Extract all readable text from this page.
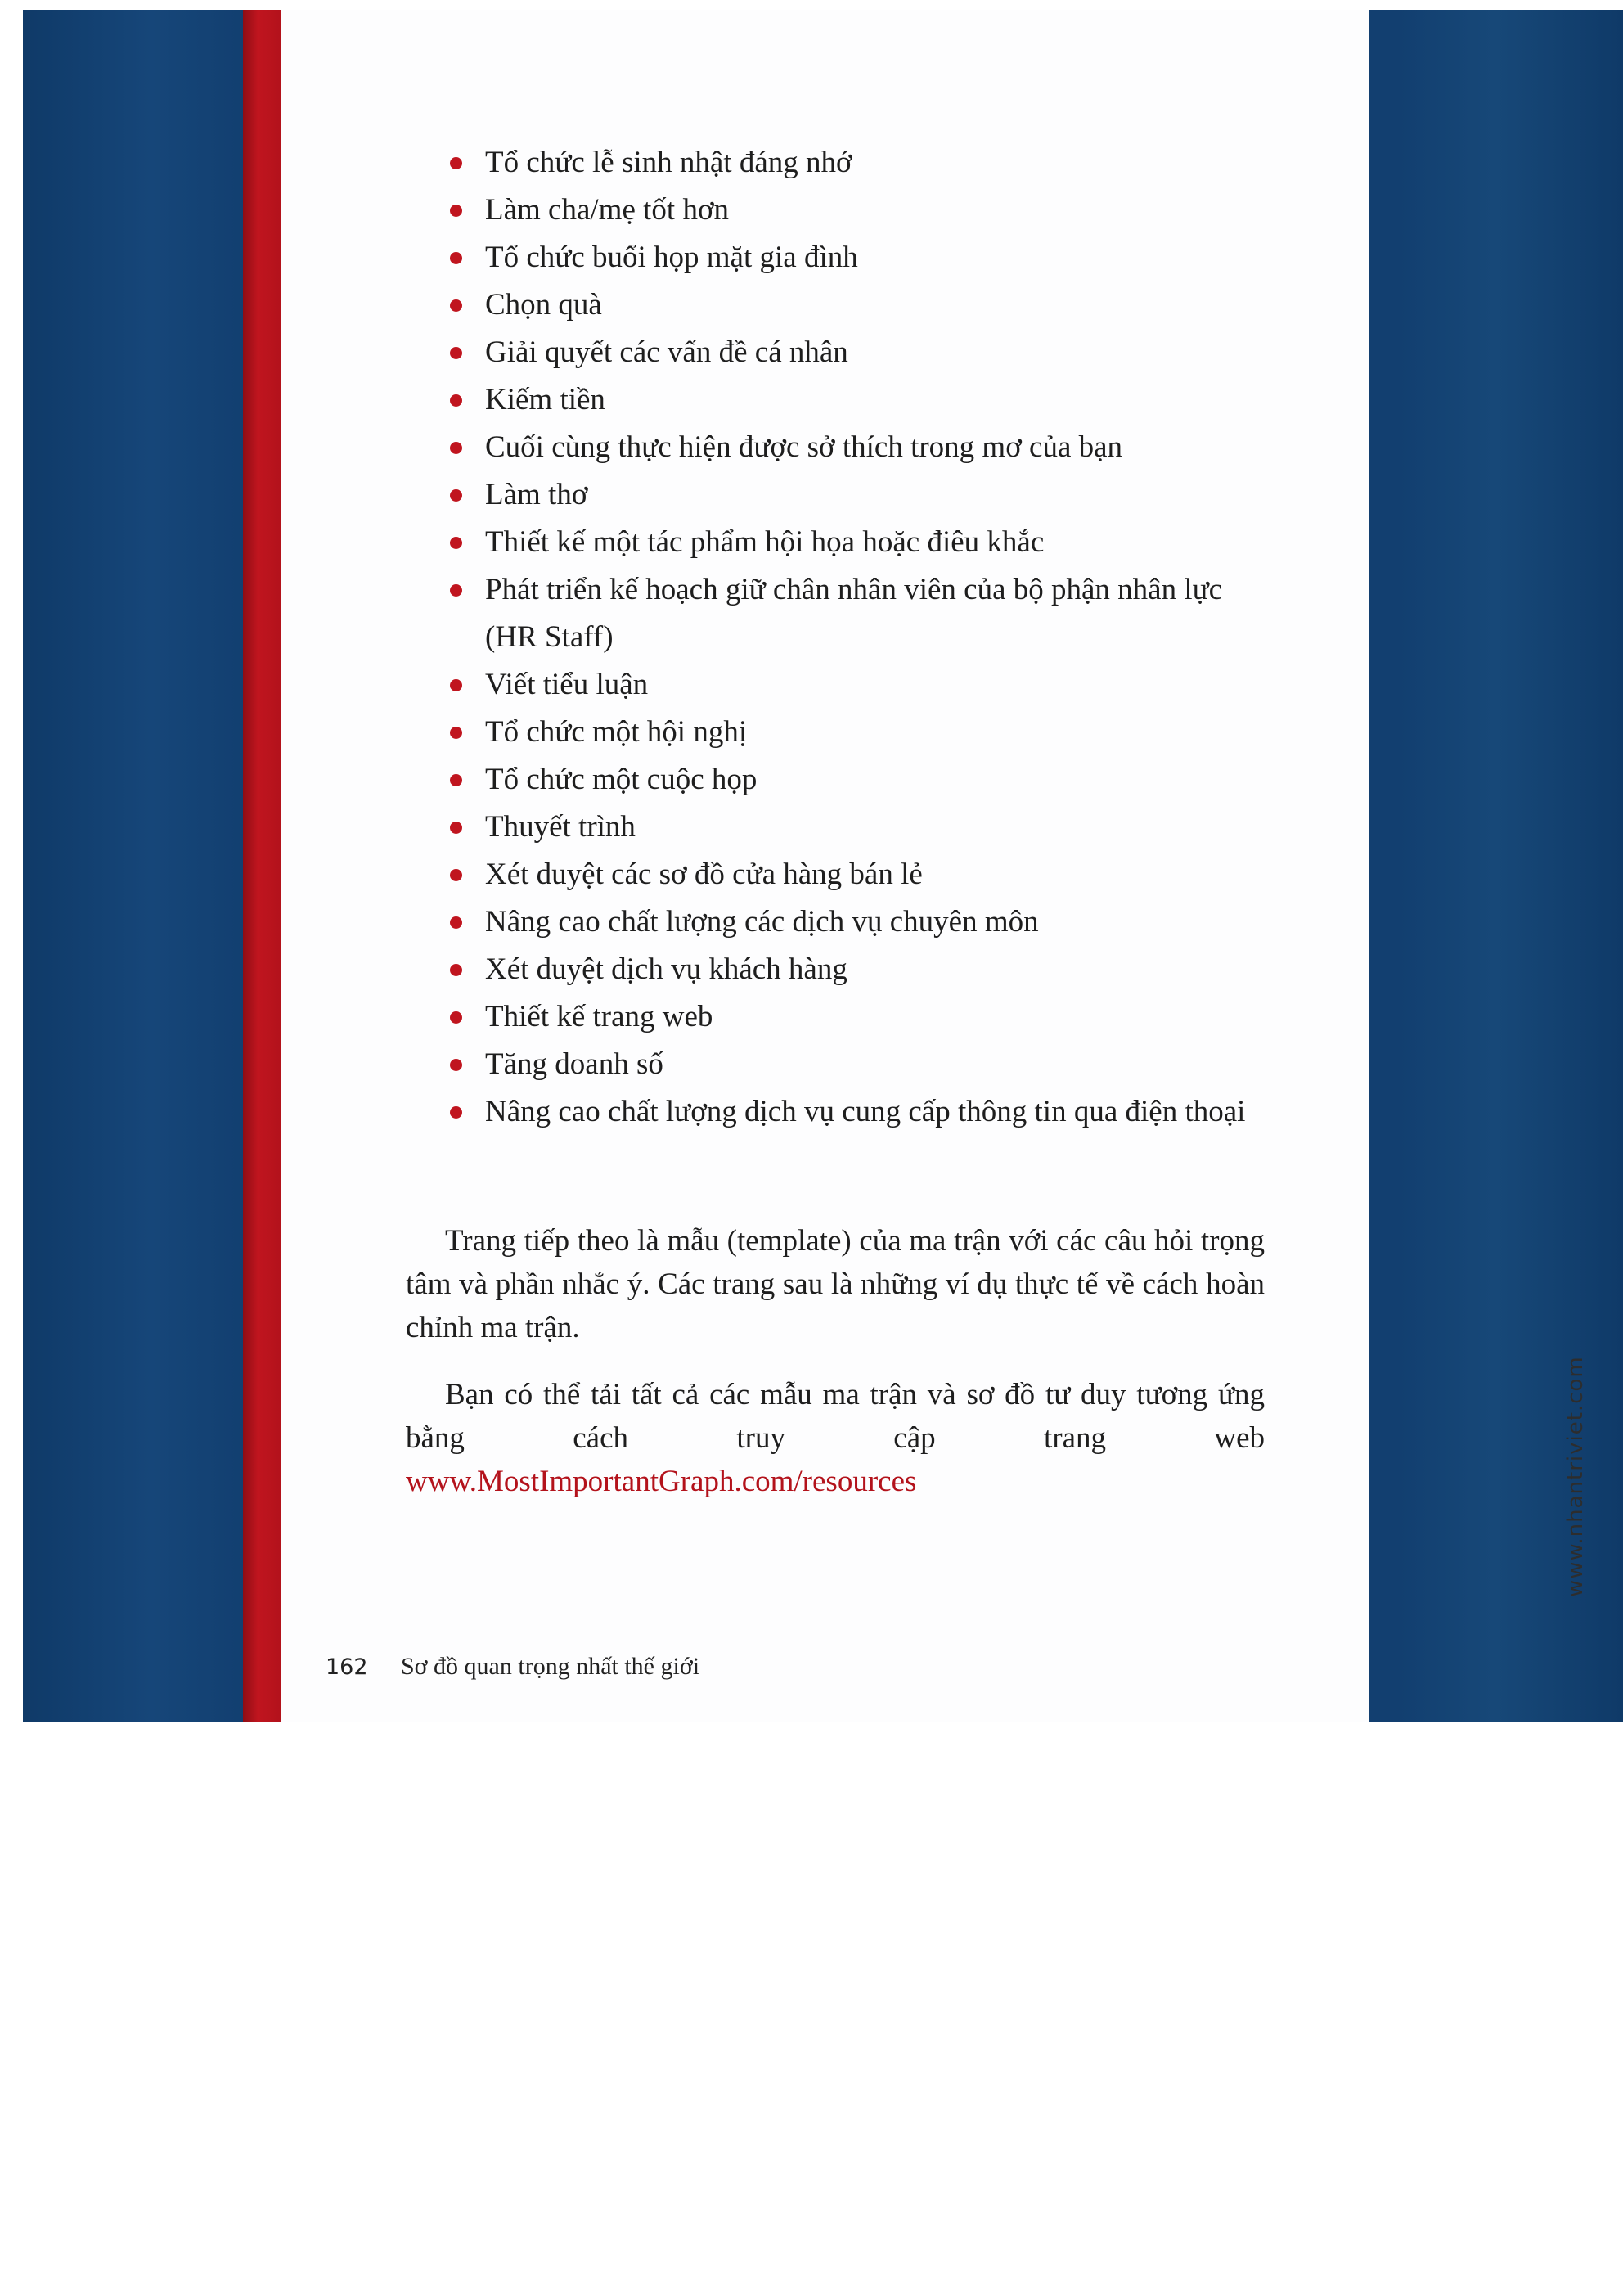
Tổ chức lễ sinh nhật đáng nhớ
Làm cha/mẹ tốt hơn
Tổ chức buổi họp mặt gia đình
Chọn quà
Giải quyết các vấn đề cá nhân
Kiếm tiền
Cuối cùng thực hiện được sở thích trong mơ của bạn
Làm thơ
Thiết kế một tác phẩm hội họa hoặc điêu khắc
Phát triển kế hoạch giữ chân nhân viên của bộ phận nhân lực (HR Staff)
Viết tiểu luận
Tổ chức một hội nghị
Tổ chức một cuộc họp
Thuyết trình
Xét duyệt các sơ đồ cửa hàng bán lẻ
Nâng cao chất lượng các dịch vụ chuyên môn
Xét duyệt dịch vụ khách hàng
Thiết kế trang web
Tăng doanh số
Nâng cao chất lượng dịch vụ cung cấp thông tin qua điện thoại

Trang tiếp theo là mẫu (template) của ma trận với các câu hỏi trọng tâm và phần nhắc ý. Các trang sau là những ví dụ thực tế về cách hoàn chỉnh ma trận.

Bạn có thể tải tất cả các mẫu ma trận và sơ đồ tư duy tương ứng bằng cách truy cập trang web www.MostImportantGraph.com/resources	www.nhantriviet.com
162 Sơ đồ quan trọng nhất thế giới
